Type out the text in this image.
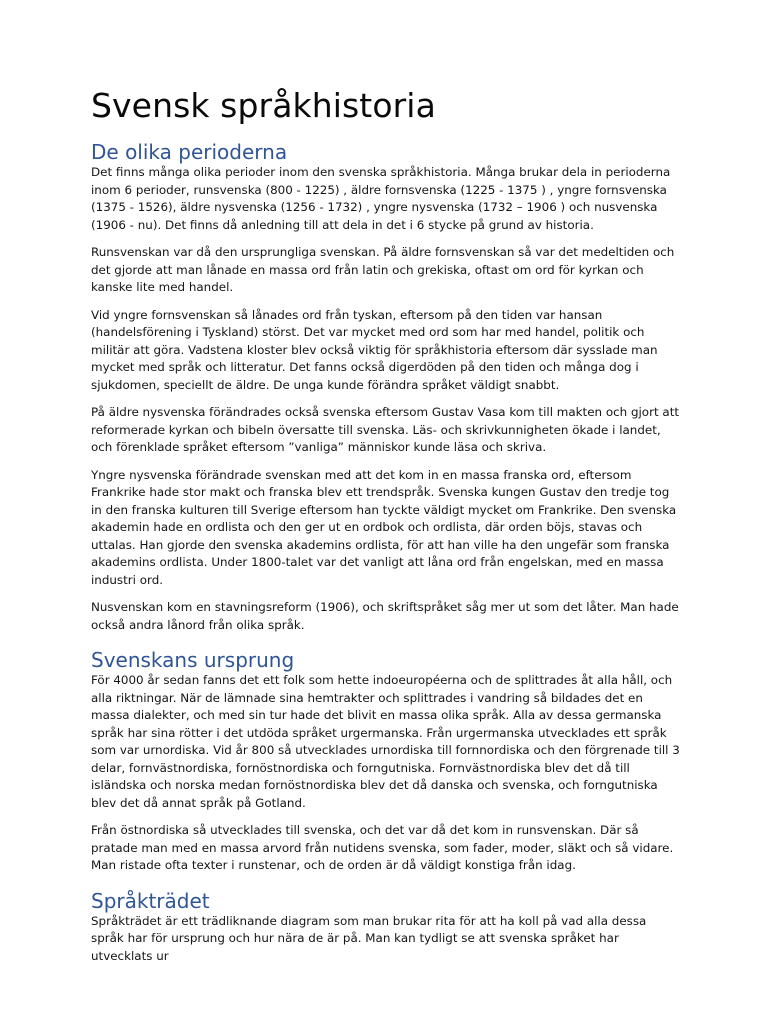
Svensk språkhistoria
De olika perioderna

Det finns många olika perioder inom den svenska språkhistoria. Många brukar dela in perioderna inom 6 perioder, runsvenska (800 - 1225) , äldre fornsvenska (1225 - 1375 ) , yngre fornsvenska (1375 - 1526), äldre nysvenska (1256 - 1732) , yngre nysvenska (1732 – 1906 ) och nusvenska (1906 - nu). Det finns då anledning till att dela in det i 6 stycke på grund av historia.

Runsvenskan var då den ursprungliga svenskan. På äldre fornsvenskan så var det medeltiden och det gjorde att man lånade en massa ord från latin och grekiska, oftast om ord för kyrkan och kanske lite med handel.

Vid yngre fornsvenskan så lånades ord från tyskan, eftersom på den tiden var hansan (handelsförening i Tyskland) störst. Det var mycket med ord som har med handel, politik och militär att göra. Vadstena kloster blev också viktig för språkhistoria eftersom där sysslade man mycket med språk och litteratur. Det fanns också digerdöden på den tiden och många dog i sjukdomen, speciellt de äldre. De unga kunde förändra språket väldigt snabbt.

På äldre nysvenska förändrades också svenska eftersom Gustav Vasa kom till makten och gjort att reformerade kyrkan och bibeln översatte till svenska. Läs- och skrivkunnigheten ökade i landet, och förenklade språket eftersom ”vanliga” människor kunde läsa och skriva.

Yngre nysvenska förändrade svenskan med att det kom in en massa franska ord, eftersom Frankrike hade stor makt och franska blev ett trendspråk. Svenska kungen Gustav den tredje tog in den franska kulturen till Sverige eftersom han tyckte väldigt mycket om Frankrike. Den svenska akademin hade en ordlista och den ger ut en ordbok och ordlista, där orden böjs, stavas och uttalas. Han gjorde den svenska akademins ordlista, för att han ville ha den ungefär som franska akademins ordlista. Under 1800-talet var det vanligt att låna ord från engelskan, med en massa industri ord.

Nusvenskan kom en stavningsreform (1906), och skriftspråket såg mer ut som det låter. Man hade också andra lånord från olika språk.

Svenskans ursprung

För 4000 år sedan fanns det ett folk som hette indoeuropéerna och de splittrades åt alla håll, och alla riktningar. När de lämnade sina hemtrakter och splittrades i vandring så bildades det en massa dialekter, och med sin tur hade det blivit en massa olika språk. Alla av dessa germanska språk har sina rötter i det utdöda språket urgermanska. Från urgermanska utvecklades ett språk som var urnordiska. Vid år 800 så utvecklades urnordiska till fornnordiska och den förgrenade till 3 delar, fornvästnordiska, fornöstnordiska och forngutniska. Fornvästnordiska blev det då till isländska och norska medan fornöstnordiska blev det då danska och svenska, och forngutniska blev det då annat språk på Gotland.

Från östnordiska så utvecklades till svenska, och det var då det kom in runsvenskan. Där så pratade man med en massa arvord från nutidens svenska, som fader, moder, släkt och så vidare. Man ristade ofta texter i runstenar, och de orden är då väldigt konstiga från idag.

Språkträdet

Språkträdet är ett trädliknande diagram som man brukar rita för att ha koll på vad alla dessa språk har för ursprung och hur nära de är på. Man kan tydligt se att svenska språket har utvecklats ur
